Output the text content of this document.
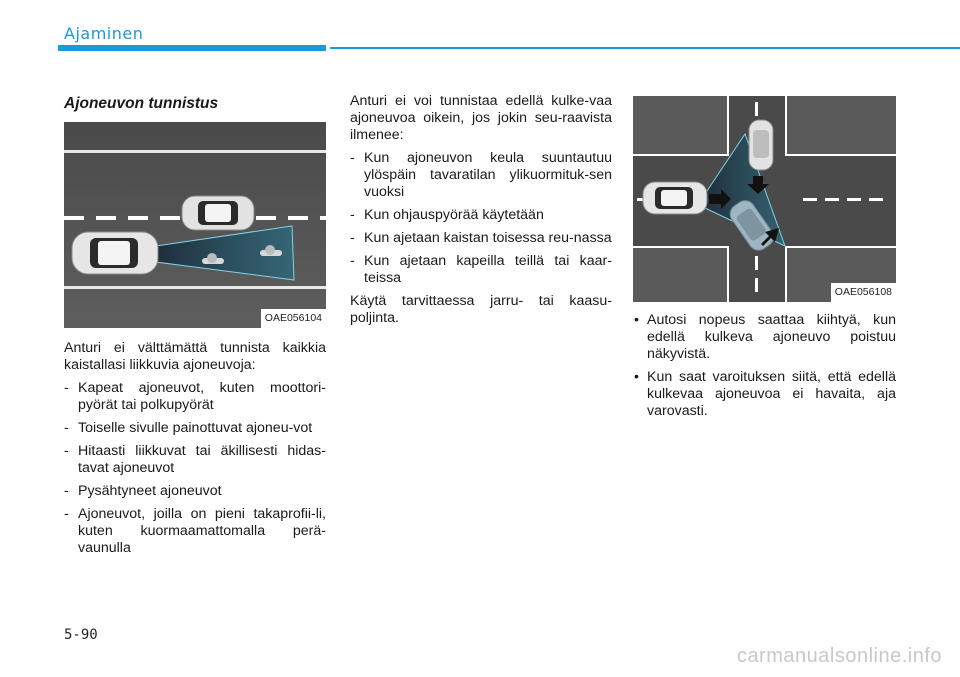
Ajaminen
Ajoneuvon tunnistus
OAE056104

Anturi ei välttämättä tunnista kaikkia kaistallasi liikkuvia ajoneuvoja:

- Kapeat ajoneuvot, kuten moottori-pyörät tai polkupyörät
- Toiselle sivulle painottuvat ajoneu-vot
- Hitaasti liikkuvat tai äkillisesti hidas-tavat ajoneuvot
- Pysähtyneet ajoneuvot
- Ajoneuvot, joilla on pieni takaprofii-li, kuten kuormaamattomalla perä-vaunulla

Anturi ei voi tunnistaa edellä kulke-vaa ajoneuvoa oikein, jos jokin seu-raavista ilmenee:

- Kun ajoneuvon keula suuntautuu ylöspäin tavaratilan ylikuormituk-sen vuoksi
- Kun ohjauspyörää käytetään
- Kun ajetaan kaistan toisessa reu-nassa
- Kun ajetaan kapeilla teillä tai kaar-teissa

Käytä tarvittaessa jarru- tai kaasu-poljinta.

OAE056108
• Autosi nopeus saattaa kiihtyä, kun edellä kulkeva ajoneuvo poistuu näkyvistä.
• Kun saat varoituksen siitä, että edellä kulkevaa ajoneuvoa ei havaita, aja varovasti.
5-90
carmanualsonline.info
